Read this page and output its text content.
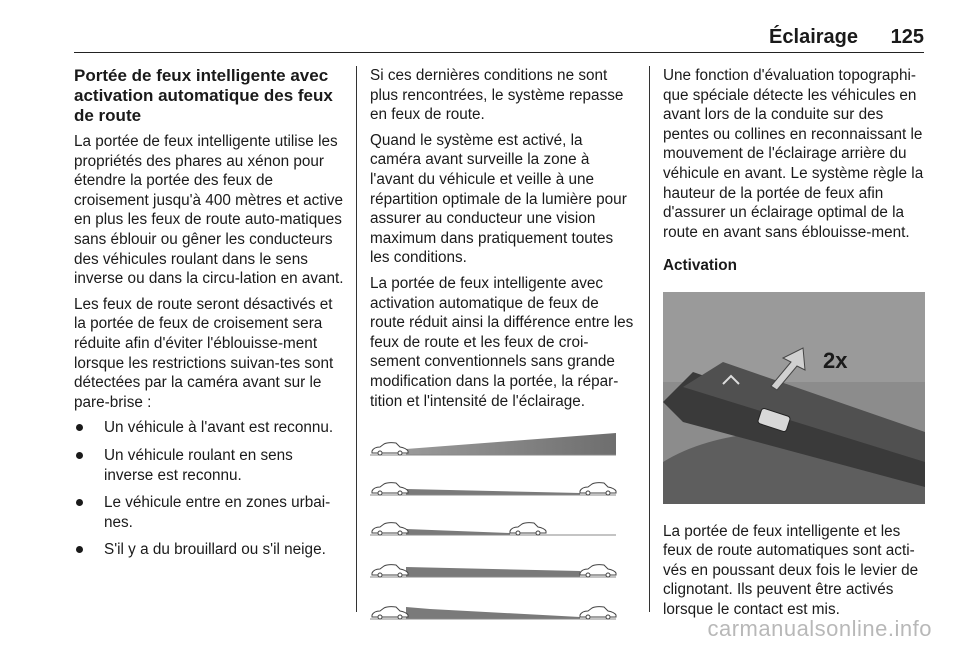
Éclairage 125
Portée de feux intelligente avec activation automatique des feux de route

La portée de feux intelligente utilise les propriétés des phares au xénon pour étendre la portée des feux de croisement jusqu'à 400 mètres et active en plus les feux de route auto-matiques sans éblouir ou gêner les conducteurs des véhicules roulant dans le sens inverse ou dans la circu-lation en avant.

Les feux de route seront désactivés et la portée de feux de croisement sera réduite afin d'éviter l'éblouisse-ment lorsque les restrictions suivan-tes sont détectées par la caméra avant sur le pare-brise :

Un véhicule à l'avant est reconnu.
Un véhicule roulant en sens inverse est reconnu.
Le véhicule entre en zones urbai-nes.
S'il y a du brouillard ou s'il neige.

Si ces dernières conditions ne sont plus rencontrées, le système repasse en feux de route.

Quand le système est activé, la caméra avant surveille la zone à l'avant du véhicule et veille à une répartition optimale de la lumière pour assurer au conducteur une vision maximum dans pratiquement toutes les conditions.

La portée de feux intelligente avec activation automatique de feux de route réduit ainsi la différence entre les feux de route et les feux de croi-sement conventionnels sans grande modification dans la portée, la répar-tition et l'intensité de l'éclairage.

Une fonction d'évaluation topographi-que spéciale détecte les véhicules en avant lors de la conduite sur des pentes ou collines en reconnaissant le mouvement de l'éclairage arrière du véhicule en avant. Le système règle la hauteur de la portée de feux afin d'assurer un éclairage optimal de la route en avant sans éblouisse-ment.

Activation
2x

La portée de feux intelligente et les feux de route automatiques sont acti-vés en poussant deux fois le levier de clignotant. Ils peuvent être activés lorsque le contact est mis.

carmanualsonline.info
